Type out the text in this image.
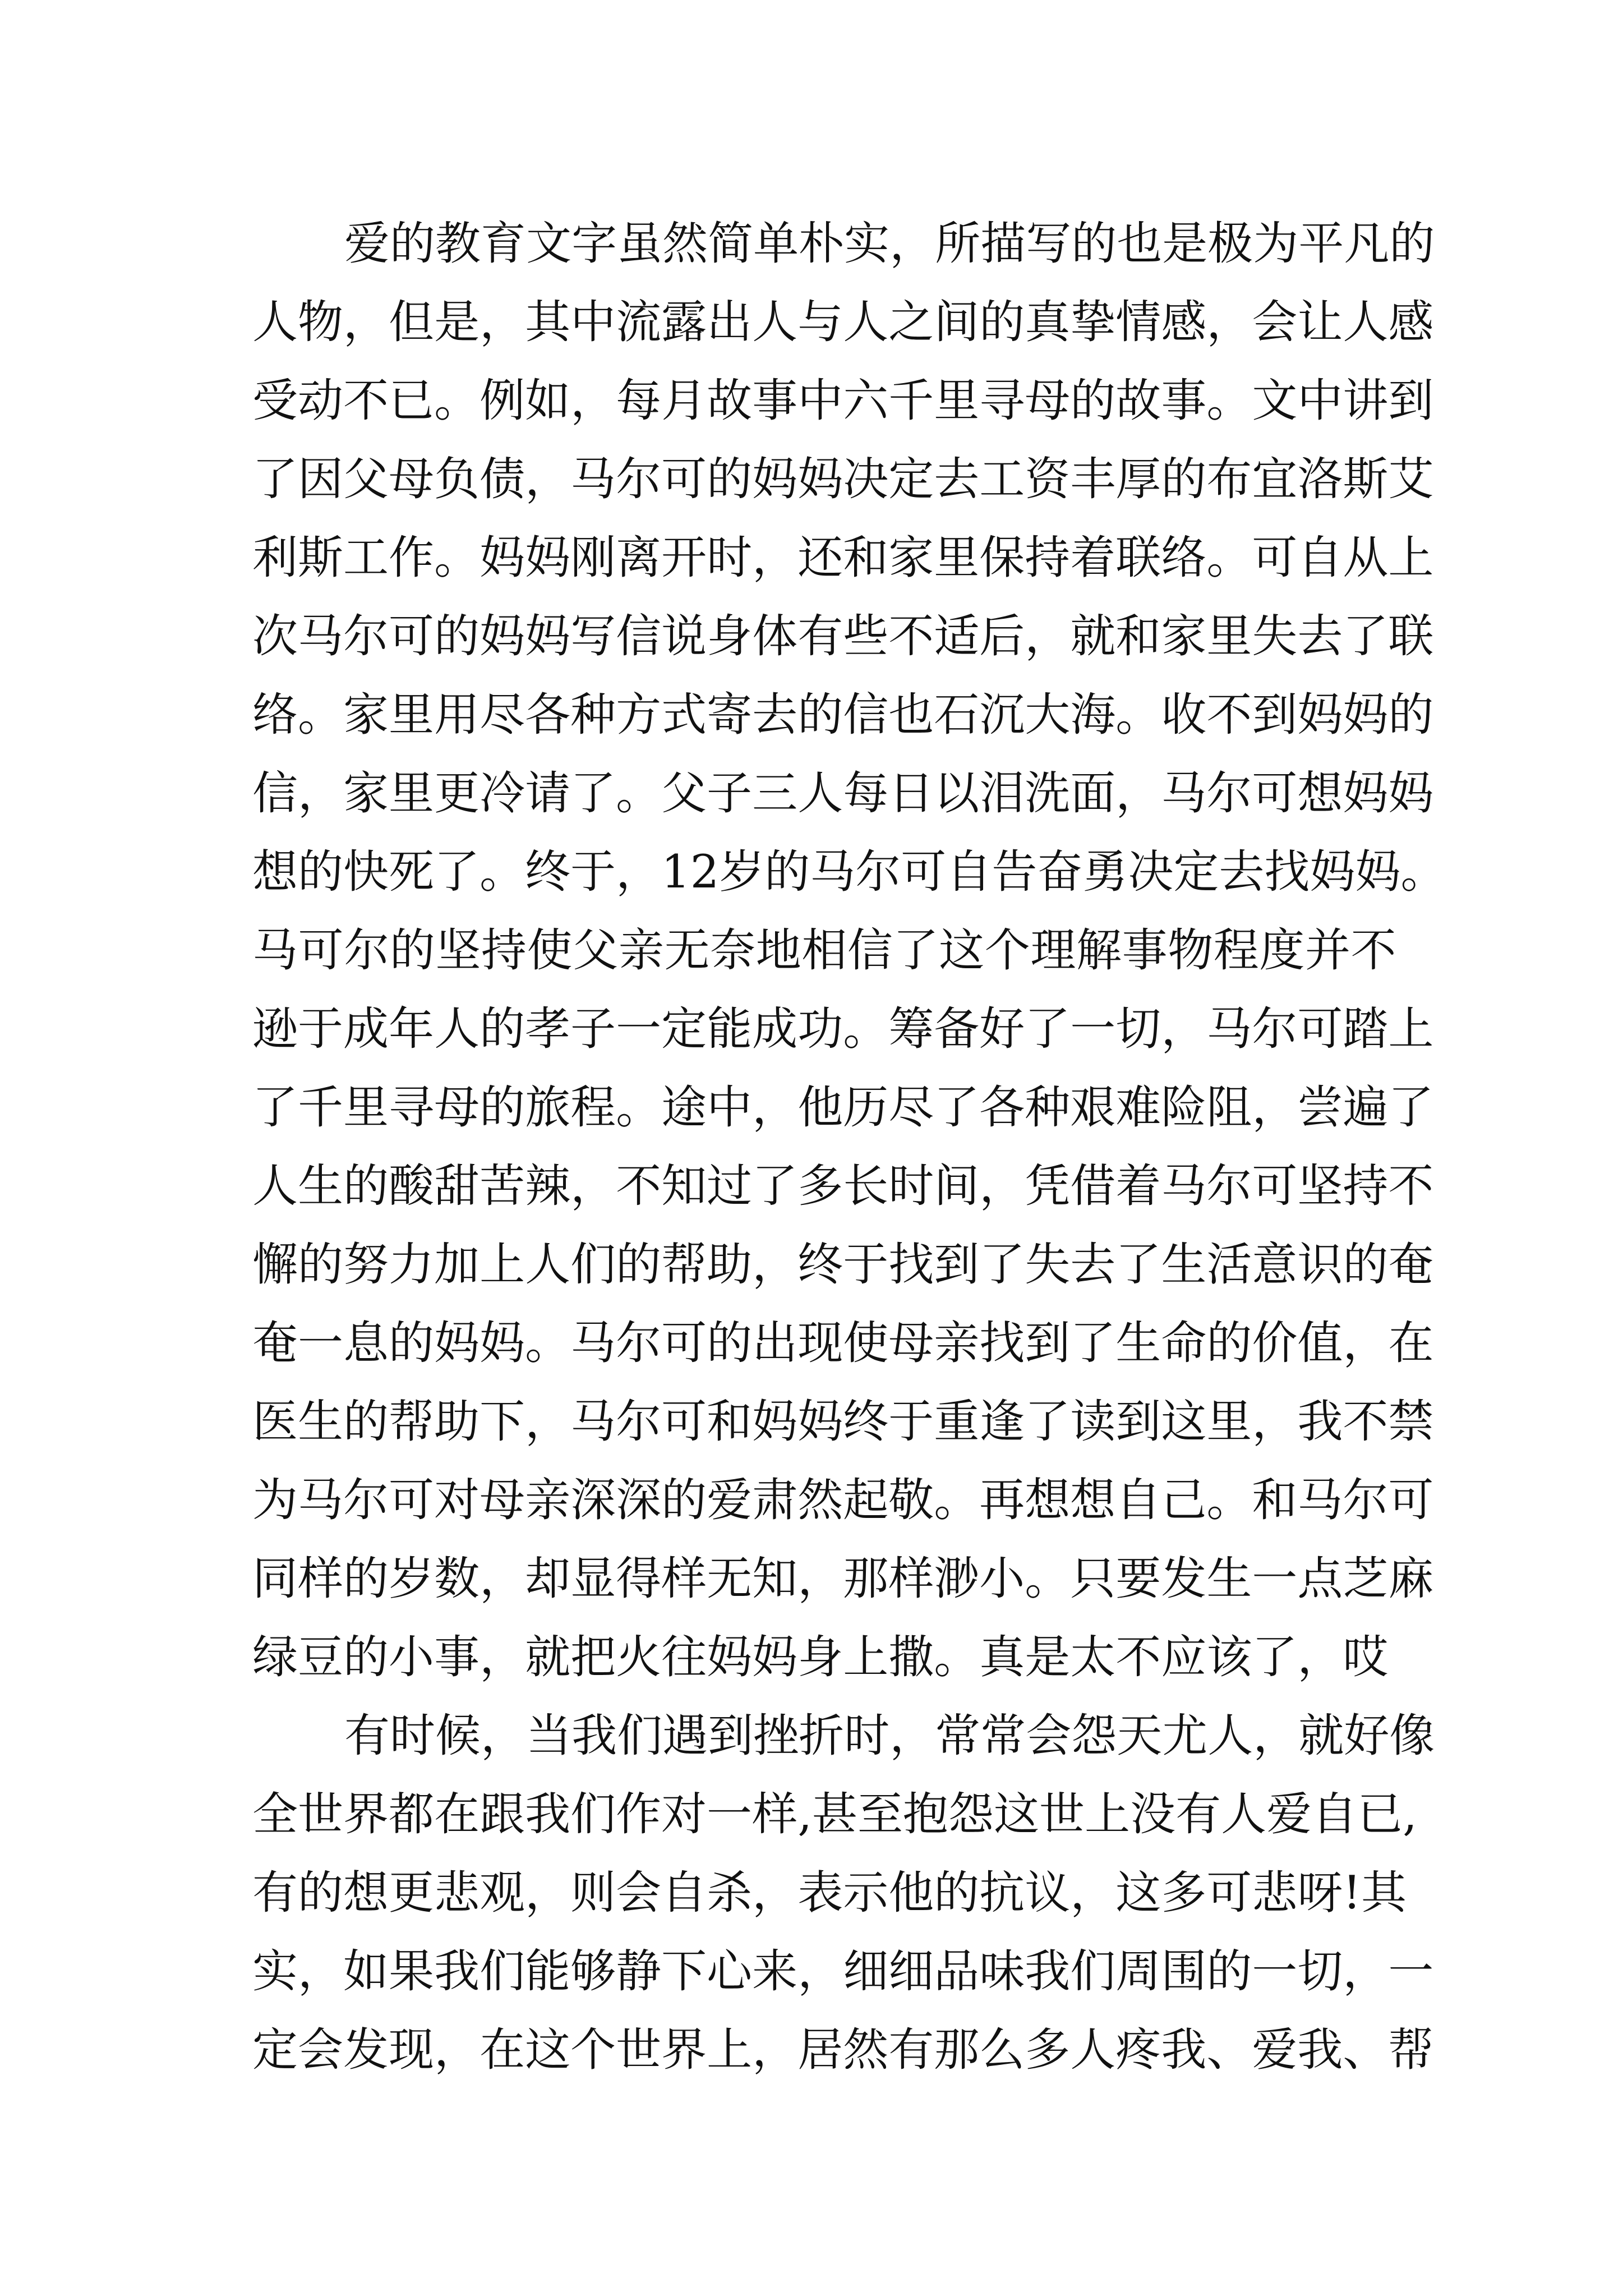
爱 的 教 育 文 字 虽 然 简 单 朴 实 ， 所 描 写 的 也 是 极 为 平 凡 的
人 物 ， 但 是 ， 其 中 流 露 出 人 与 人 之 间 的 真 挚 情 感 ， 会 让 人 感
受 动 不 已 。 例 如 ， 每 月 故 事 中 六 千 里 寻 母 的 故 事 。 文 中 讲 到
了 因 父 母 负 债 ， 马 尔 可 的 妈 妈 决 定 去 工 资 丰 厚 的 布 宜 洛 斯 艾
利 斯 工 作 。 妈 妈 刚 离 开 时 ， 还 和 家 里 保 持 着 联 络 。 可 自 从 上
次 马 尔 可 的 妈 妈 写 信 说 身 体 有 些 不 适 后 ， 就 和 家 里 失 去 了 联
络 。 家 里 用 尽 各 种 方 式 寄 去 的 信 也 石 沉 大 海 。 收 不 到 妈 妈 的
信 ， 家 里 更 冷 请 了 。 父 子 三 人 每 日 以 泪 洗 面 ， 马 尔 可 想 妈 妈
想 的 快 死 了 。 终 于 ， 1 2 岁 的 马 尔 可 自 告 奋 勇 决 定 去 找 妈 妈 。
马 可 尔 的 坚 持 使 父 亲 无 奈 地 相 信 了 这 个 理 解 事 物 程 度 并 不
逊 于 成 年 人 的 孝 子 一 定 能 成 功 。 筹 备 好 了 一 切 ， 马 尔 可 踏 上
了 千 里 寻 母 的 旅 程 。 途 中 ， 他 历 尽 了 各 种 艰 难 险 阻 ， 尝 遍 了
人 生 的 酸 甜 苦 辣 ， 不 知 过 了 多 长 时 间 ， 凭 借 着 马 尔 可 坚 持 不
懈 的 努 力 加 上 人 们 的 帮 助 ， 终 于 找 到 了 失 去 了 生 活 意 识 的 奄
奄 一 息 的 妈 妈 。 马 尔 可 的 出 现 使 母 亲 找 到 了 生 命 的 价 值 ， 在
医 生 的 帮 助 下 ， 马 尔 可 和 妈 妈 终 于 重 逢 了 读 到 这 里 ， 我 不 禁
为 马 尔 可 对 母 亲 深 深 的 爱 肃 然 起 敬 。 再 想 想 自 己 。 和 马 尔 可
同 样 的 岁 数 ， 却 显 得 样 无 知 ， 那 样 渺 小 。 只 要 发 生 一 点 芝 麻
绿 豆 的 小 事 ， 就 把 火 往 妈 妈 身 上 撒 。 真 是 太 不 应 该 了 ， 哎
有 时 候 ， 当 我 们 遇 到 挫 折 时 ， 常 常 会 怨 天 尤 人 ， 就 好 像
全 世 界 都 在 跟 我 们 作 对 一 样 , 甚 至 抱 怨 这 世 上 没 有 人 爱 自 已 ,
有 的 想 更 悲 观 ， 则 会 自 杀 ， 表 示 他 的 抗 议 ， 这 多 可 悲 呀 ! 其
实 ， 如 果 我 们 能 够 静 下 心 来 ， 细 细 品 味 我 们 周 围 的 一 切 ， 一
定 会 发 现 ， 在 这 个 世 界 上 ， 居 然 有 那 么 多 人 疼 我 、 爱 我 、 帮
